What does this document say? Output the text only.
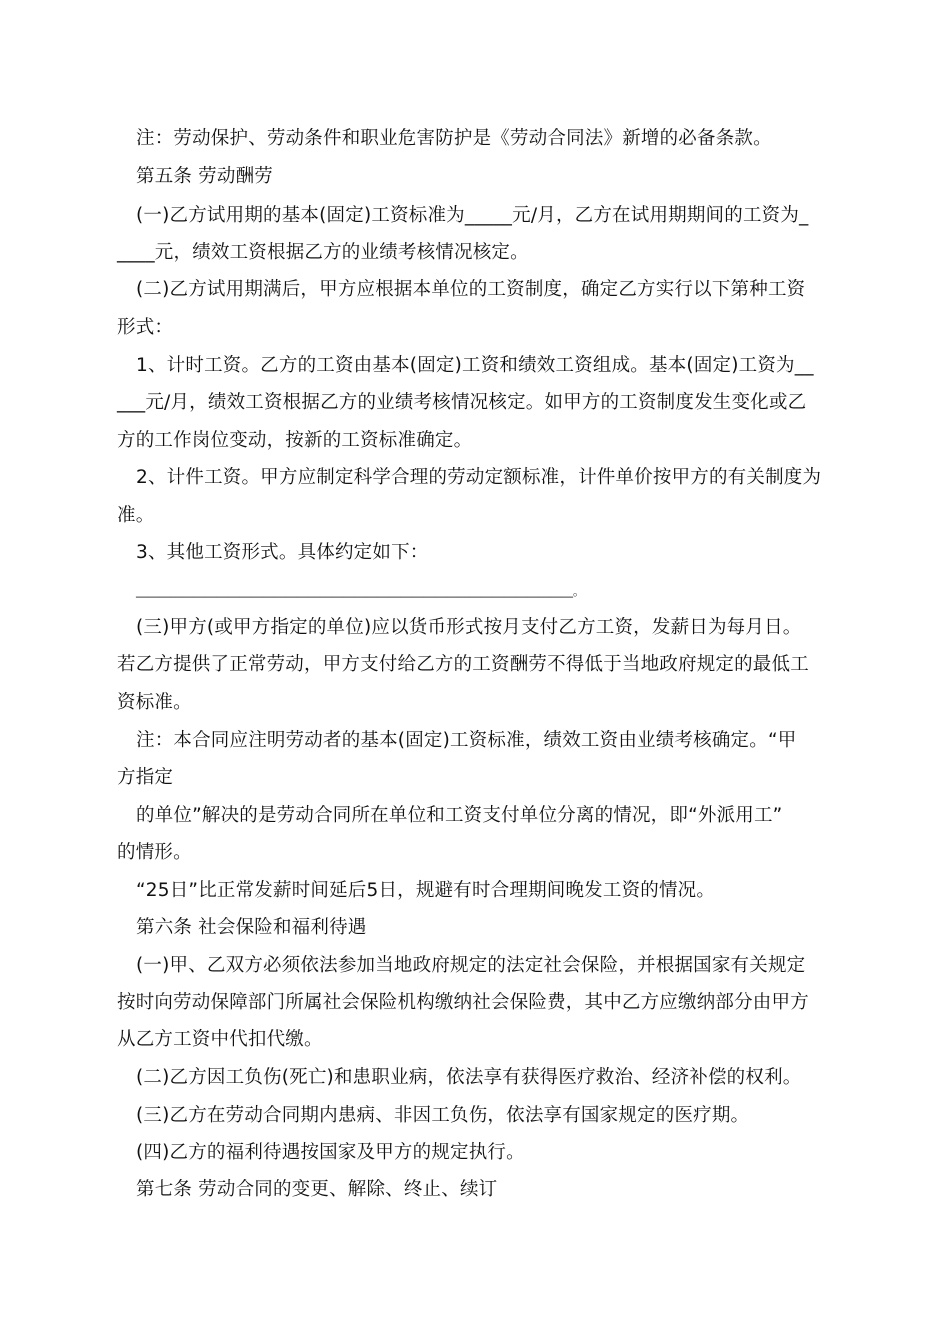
注：劳动保护、劳动条件和职业危害防护是《劳动合同法》新增的必备条款。
第五条 劳动酬劳
(一)乙方试用期的基本(固定)工资标准为_____元/月，乙方在试用期期间的工资为_
____元，绩效工资根据乙方的业绩考核情况核定。
(二)乙方试用期满后，甲方应根据本单位的工资制度，确定乙方实行以下第种工资
形式：
1、计时工资。乙方的工资由基本(固定)工资和绩效工资组成。基本(固定)工资为__
___元/月，绩效工资根据乙方的业绩考核情况核定。如甲方的工资制度发生变化或乙
方的工作岗位变动，按新的工资标准确定。
2、计件工资。甲方应制定科学合理的劳动定额标准，计件单价按甲方的有关制度为
准。
3、其他工资形式。具体约定如下：
____________________________________________________________________________。
(三)甲方(或甲方指定的单位)应以货币形式按月支付乙方工资，发薪日为每月日。
若乙方提供了正常劳动，甲方支付给乙方的工资酬劳不得低于当地政府规定的最低工
资标准。
注：本合同应注明劳动者的基本(固定)工资标准，绩效工资由业绩考核确定。“甲
方指定
的单位”解决的是劳动合同所在单位和工资支付单位分离的情况，即“外派用工”
的情形。
“25日”比正常发薪时间延后5日，规避有时合理期间晚发工资的情况。
第六条 社会保险和福利待遇
(一)甲、乙双方必须依法参加当地政府规定的法定社会保险，并根据国家有关规定
按时向劳动保障部门所属社会保险机构缴纳社会保险费，其中乙方应缴纳部分由甲方
从乙方工资中代扣代缴。
(二)乙方因工负伤(死亡)和患职业病，依法享有获得医疗救治、经济补偿的权利。
(三)乙方在劳动合同期内患病、非因工负伤，依法享有国家规定的医疗期。
(四)乙方的福利待遇按国家及甲方的规定执行。
第七条 劳动合同的变更、解除、终止、续订
